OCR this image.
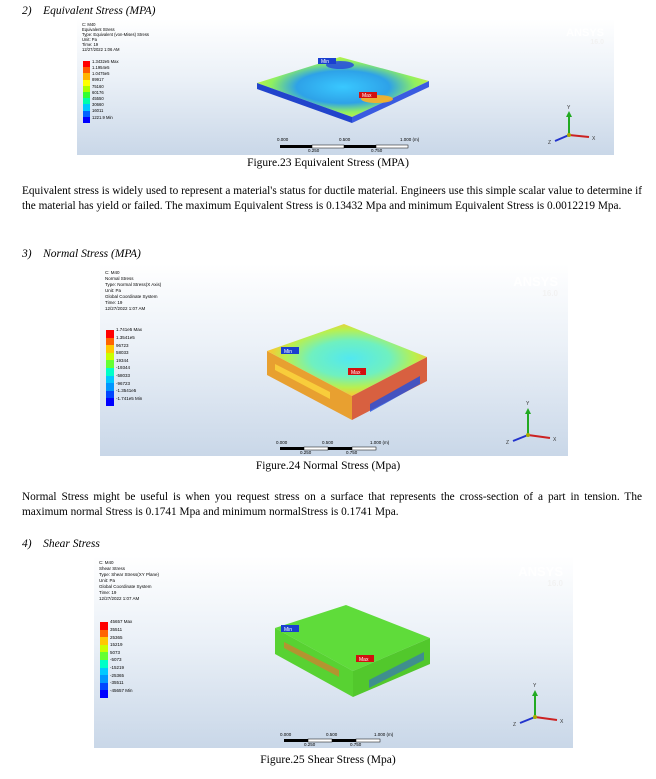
2)    Equivalent Stress (MPA)
Min
Max
Y
X
Z
ANSYS
16.0
C: M40
Equivalent Stress
Type: Equivalent (von-Mises) Stress
Unit: Pa
Time: 19
12/27/2022 1:06 AM
1.3432e5 Max
1.1954e5
1.0475e5
89917
75160
60176
45550
30660
16011
1221.9 Min
0.000	0.500	1.000 (m)
0.250	0.750
Figure.23 Equivalent Stress (MPA)
Equivalent stress is widely used to represent a material's status for ductile material. Engineers use this simple scalar value to determine if the material has yield or failed. The maximum Equivalent Stress is 0.13432 Mpa and minimum Equivalent Stress is 0.0012219 Mpa.
3)    Normal Stress (MPA)
Min
Max
Y
X
Z
ANSYS
16.0
C: M40
Normal Stress
Type: Normal Stress(X Axis)
Unit: Pa
Global Coordinate System
Time: 19
12/27/2022 1:07 AM
1.741e5 Max
1.3541e5
96723
58033
19344
-19344
-58033
-96723
-1.3541e5
-1.741e5 Min
0.000	0.500	1.000 (m)
0.250	0.750
Figure.24 Normal Stress (Mpa)
Normal Stress might be useful is when you request stress on a surface that represents the cross-section of a part in tension. The maximum normal Stress is 0.1741 Mpa and minimum normalStress is 0.1741 Mpa.
4)    Shear Stress
Min
Max
Y
X
Z
ANSYS
16.0
C: M40
Shear Stress
Type: Shear Stress(XY Plane)
Unit: Pa
Global Coordinate System
Time: 19
12/27/2022 1:07 AM
45657 Max
35511
25365
15219
5073
-5073
-15219
-25365
-35511
-45657 Min
0.000	0.500	1.000 (m)
0.250	0.750
Figure.25 Shear Stress (Mpa)
